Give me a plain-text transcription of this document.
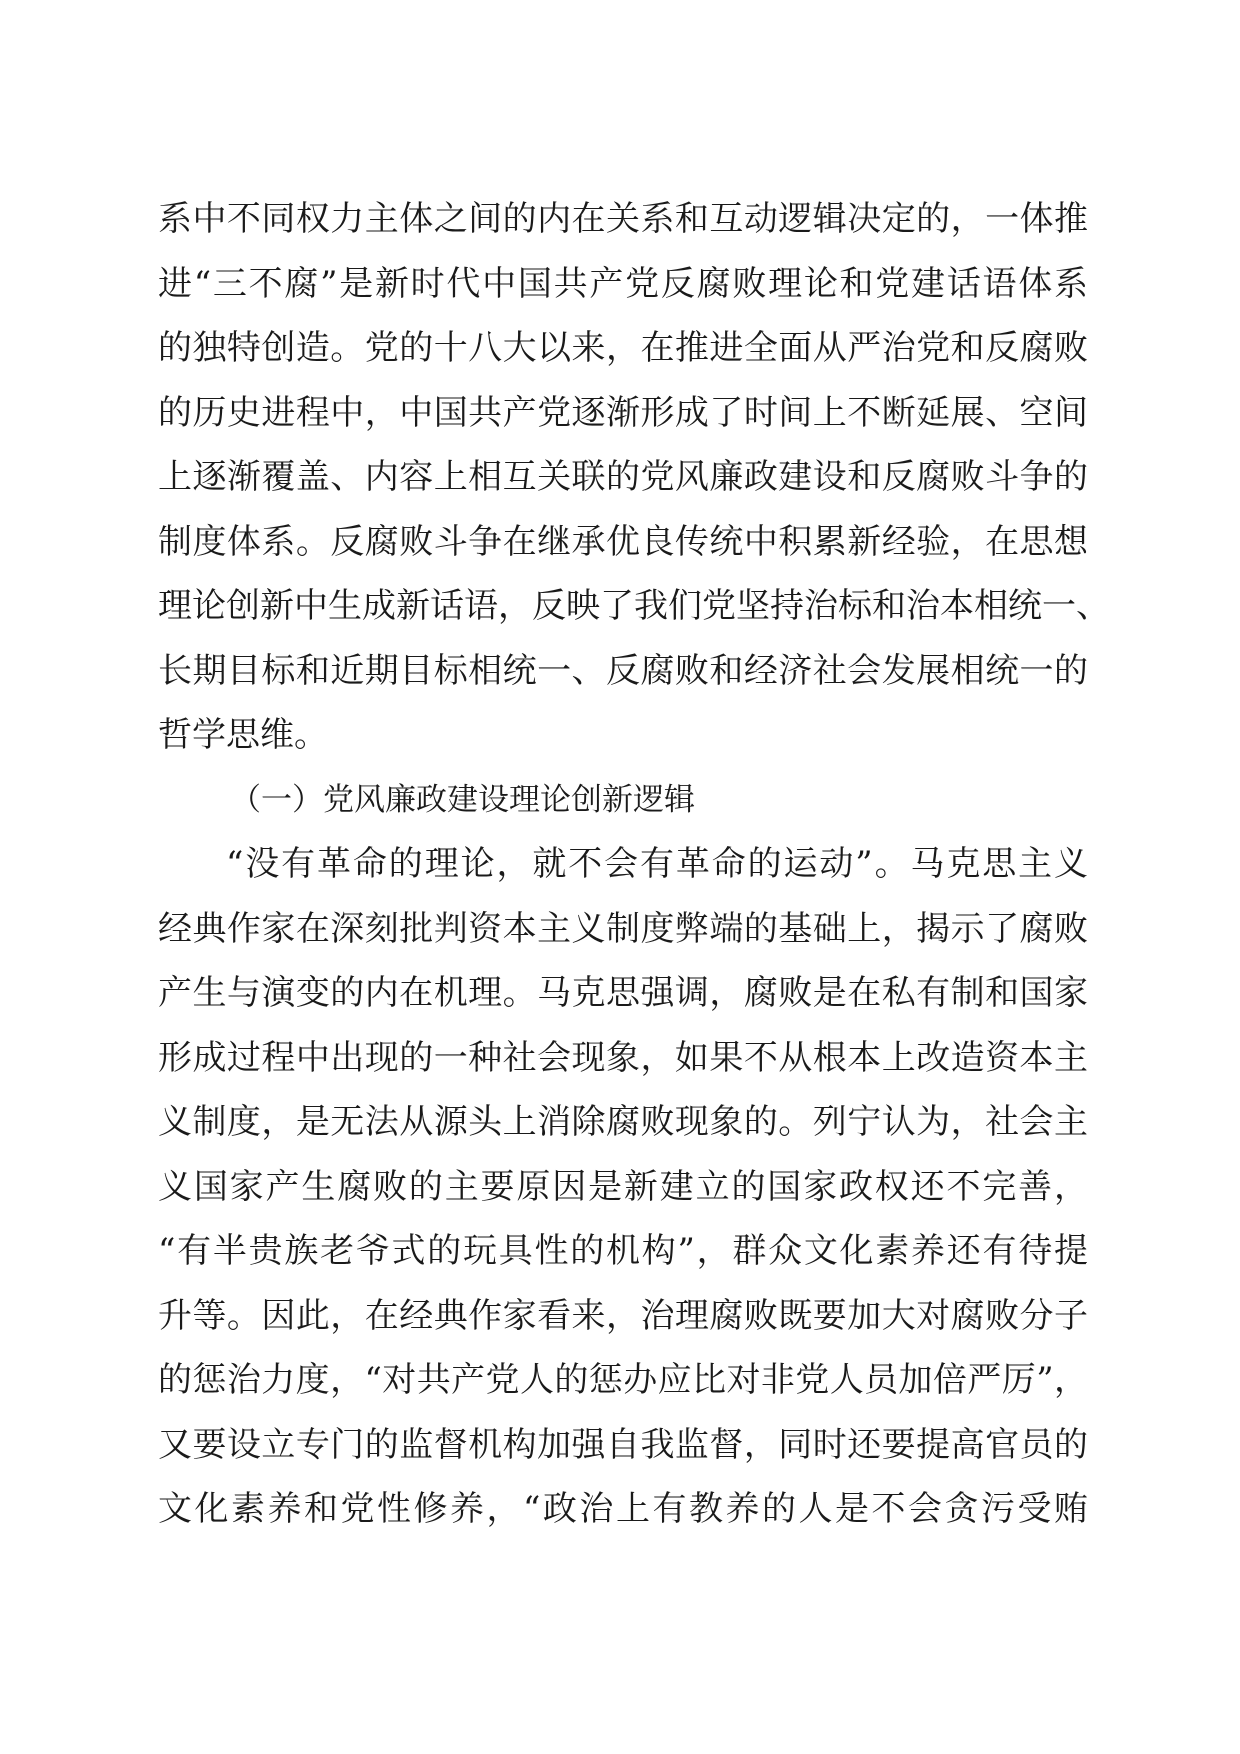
系中不同权力主体之间的内在关系和互动逻辑决定的，一体推
进“三不腐”是新时代中国共产党反腐败理论和党建话语体系
的独特创造。党的十八大以来，在推进全面从严治党和反腐败
的历史进程中，中国共产党逐渐形成了时间上不断延展、空间
上逐渐覆盖、内容上相互关联的党风廉政建设和反腐败斗争的
制度体系。反腐败斗争在继承优良传统中积累新经验，在思想
理论创新中生成新话语，反映了我们党坚持治标和治本相统一、
长期目标和近期目标相统一、反腐败和经济社会发展相统一的
哲学思维。
（一）党风廉政建设理论创新逻辑
“没有革命的理论，就不会有革命的运动”。马克思主义
经典作家在深刻批判资本主义制度弊端的基础上，揭示了腐败
产生与演变的内在机理。马克思强调，腐败是在私有制和国家
形成过程中出现的一种社会现象，如果不从根本上改造资本主
义制度，是无法从源头上消除腐败现象的。列宁认为，社会主
义国家产生腐败的主要原因是新建立的国家政权还不完善，
“有半贵族老爷式的玩具性的机构”，群众文化素养还有待提
升等。因此，在经典作家看来，治理腐败既要加大对腐败分子
的惩治力度，“对共产党人的惩办应比对非党人员加倍严厉”，
又要设立专门的监督机构加强自我监督，同时还要提高官员的
文化素养和党性修养，“政治上有教养的人是不会贪污受贿
